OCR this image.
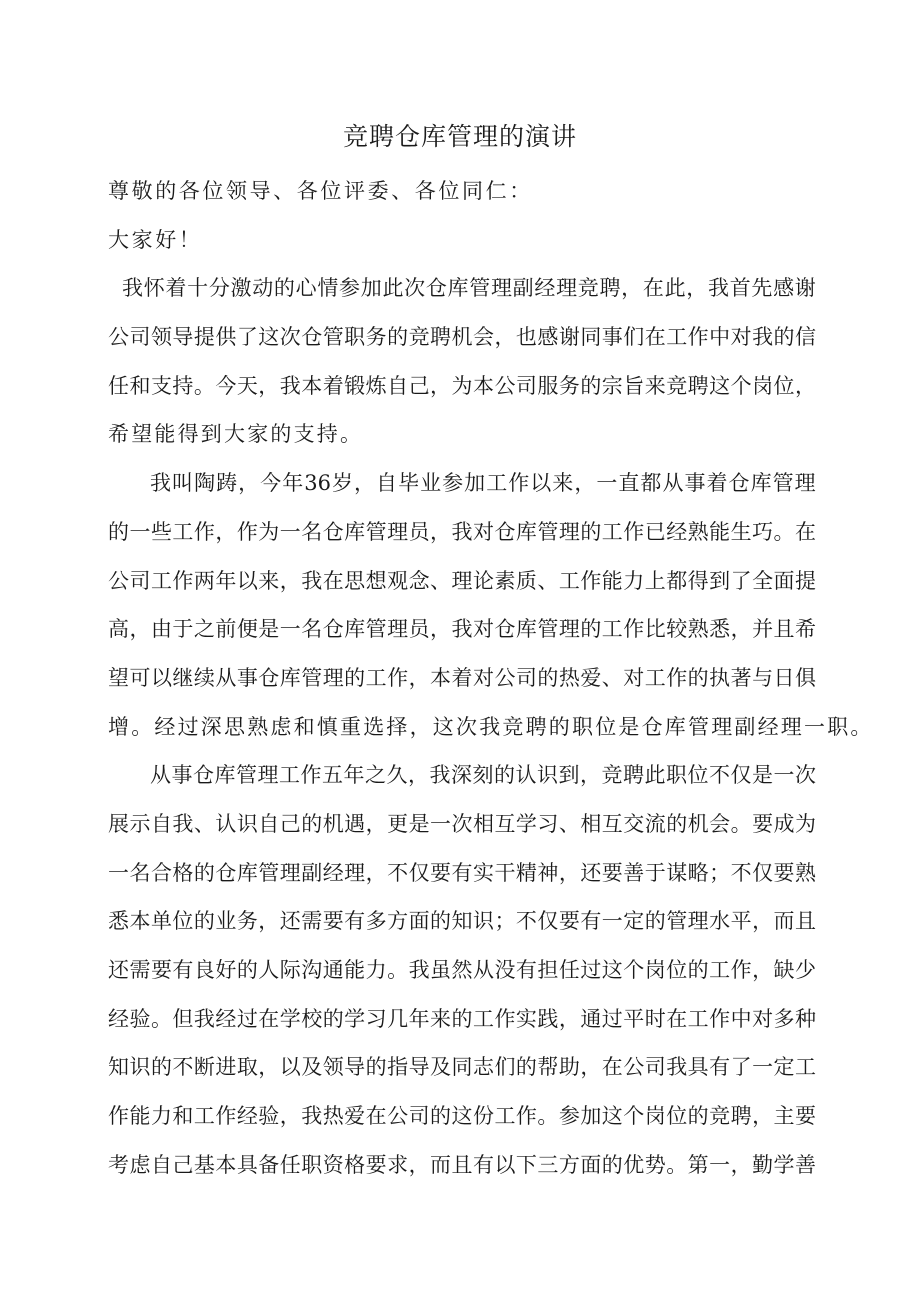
竞聘仓库管理的演讲
尊敬的各位领导、各位评委、各位同仁：
大家好！
我 怀 着 十 分 激 动 的 心 情 参 加 此 次 仓 库 管 理 副 经 理 竞 聘 ， 在 此 ， 我 首 先 感 谢
公 司 领 导 提 供 了 这 次 仓 管 职 务 的 竞 聘 机 会 ， 也 感 谢 同 事 们 在 工 作 中 对 我 的 信
任 和 支 持 。 今 天 ， 我 本 着 锻 炼 自 己 ， 为 本 公 司 服 务 的 宗 旨 来 竞 聘 这 个 岗 位 ，
希望能得到大家的支持。
我 叫 陶 踌 ， 今 年 36 岁 ， 自 毕 业 参 加 工 作 以 来 ， 一 直 都 从 事 着 仓 库 管 理
的 一 些 工 作 ， 作 为 一 名 仓 库 管 理 员 ， 我 对 仓 库 管 理 的 工 作 已 经 熟 能 生 巧 。 在
公 司 工 作 两 年 以 来 ， 我 在 思 想 观 念 、 理 论 素 质 、 工 作 能 力 上 都 得 到 了 全 面 提
高 ， 由 于 之 前 便 是 一 名 仓 库 管 理 员 ， 我 对 仓 库 管 理 的 工 作 比 较 熟 悉 ， 并 且 希
望 可 以 继 续 从 事 仓 库 管 理 的 工 作 ， 本 着 对 公 司 的 热 爱 、 对 工 作 的 执 著 与 日 俱
增。经过深思熟虑和慎重选择，这次我竞聘的职位是仓库管理副经理一职。
从 事 仓 库 管 理 工 作 五 年 之 久 ， 我 深 刻 的 认 识 到 ， 竞 聘 此 职 位 不 仅 是 一 次
展 示 自 我 、 认 识 自 己 的 机 遇 ， 更 是 一 次 相 互 学 习 、 相 互 交 流 的 机 会 。 要 成 为
一 名 合 格 的 仓 库 管 理 副 经 理 ， 不 仅 要 有 实 干 精 神 ， 还 要 善 于 谋 略 ； 不 仅 要 熟
悉 本 单 位 的 业 务 ， 还 需 要 有 多 方 面 的 知 识 ； 不 仅 要 有 一 定 的 管 理 水 平 ， 而 且
还 需 要 有 良 好 的 人 际 沟 通 能 力 。 我 虽 然 从 没 有 担 任 过 这 个 岗 位 的 工 作 ， 缺 少
经 验 。 但 我 经 过 在 学 校 的 学 习 几 年 来 的 工 作 实 践 ， 通 过 平 时 在 工 作 中 对 多 种
知 识 的 不 断 进 取 ， 以 及 领 导 的 指 导 及 同 志 们 的 帮 助 ， 在 公 司 我 具 有 了 一 定 工
作 能 力 和 工 作 经 验 ， 我 热 爱 在 公 司 的 这 份 工 作 。 参 加 这 个 岗 位 的 竞 聘 ， 主 要
考 虑 自 己 基 本 具 备 任 职 资 格 要 求 ， 而 且 有 以 下 三 方 面 的 优 势 。 第 一 ， 勤 学 善
